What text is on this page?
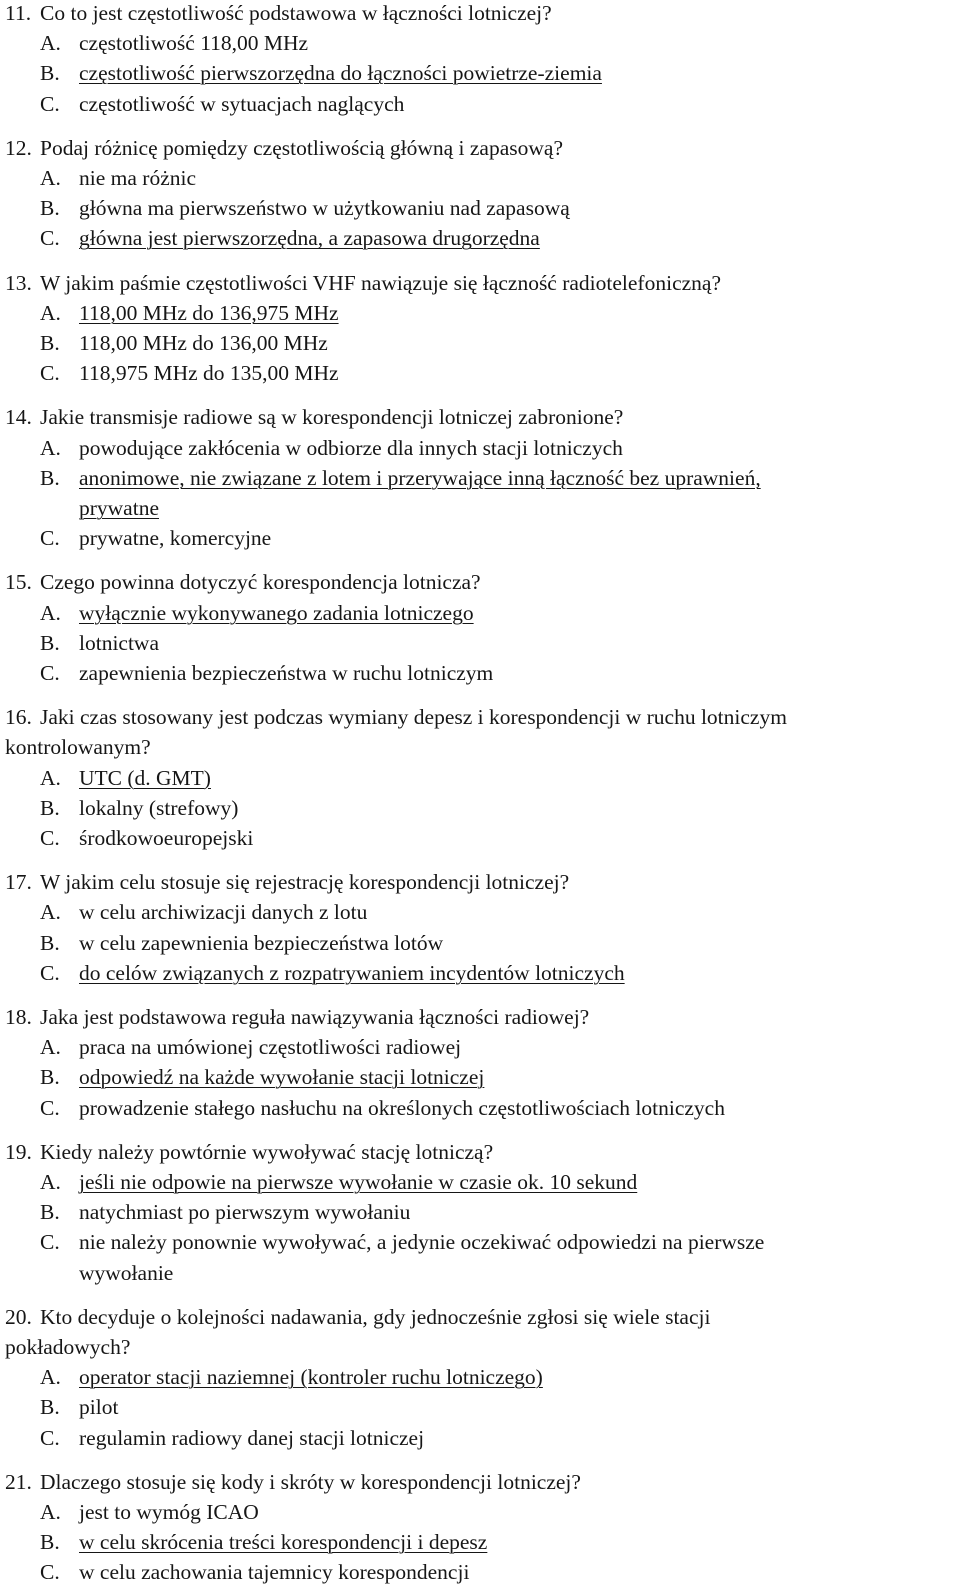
11. Co to jest częstotliwość podstawowa w łączności lotniczej?
A. częstotliwość 118,00 MHz
B. częstotliwość pierwszorzędna do łączności powietrze-ziemia
C. częstotliwość w sytuacjach naglących
12. Podaj różnicę pomiędzy częstotliwością główną i zapasową?
A. nie ma różnic
B. główna ma pierwszeństwo w użytkowaniu nad zapasową
C. główna jest pierwszorzędna, a zapasowa drugorzędna
13. W jakim paśmie częstotliwości VHF nawiązuje się łączność radiotelefoniczną?
A. 118,00 MHz do 136,975 MHz
B. 118,00 MHz do 136,00 MHz
C. 118,975 MHz do 135,00 MHz
14. Jakie transmisje radiowe są w korespondencji lotniczej zabronione?
A. powodujące zakłócenia w odbiorze dla innych stacji lotniczych
B. anonimowe, nie związane z lotem i przerywające inną łączność bez uprawnień,
prywatne
C. prywatne, komercyjne
15. Czego powinna dotyczyć korespondencja lotnicza?
A. wyłącznie wykonywanego zadania lotniczego
B. lotnictwa
C. zapewnienia bezpieczeństwa w ruchu lotniczym
16. Jaki czas stosowany jest podczas wymiany depesz i korespondencji w ruchu lotniczym
kontrolowanym?
A. UTC (d. GMT)
B. lokalny (strefowy)
C. środkowoeuropejski
17. W jakim celu stosuje się rejestrację korespondencji lotniczej?
A. w celu archiwizacji danych z lotu
B. w celu zapewnienia bezpieczeństwa lotów
C. do celów związanych z rozpatrywaniem incydentów lotniczych
18. Jaka jest podstawowa reguła nawiązywania łączności radiowej?
A. praca na umówionej częstotliwości radiowej
B. odpowiedź na każde wywołanie stacji lotniczej
C. prowadzenie stałego nasłuchu na określonych częstotliwościach lotniczych
19. Kiedy należy powtórnie wywoływać stację lotniczą?
A. jeśli nie odpowie na pierwsze wywołanie w czasie ok. 10 sekund
B. natychmiast po pierwszym wywołaniu
C. nie należy ponownie wywoływać, a jedynie oczekiwać odpowiedzi na pierwsze
wywołanie
20. Kto decyduje o kolejności nadawania, gdy jednocześnie zgłosi się wiele stacji
pokładowych?
A. operator stacji naziemnej (kontroler ruchu lotniczego)
B. pilot
C. regulamin radiowy danej stacji lotniczej
21. Dlaczego stosuje się kody i skróty w korespondencji lotniczej?
A. jest to wymóg ICAO
B. w celu skrócenia treści korespondencji i depesz
C. w celu zachowania tajemnicy korespondencji
